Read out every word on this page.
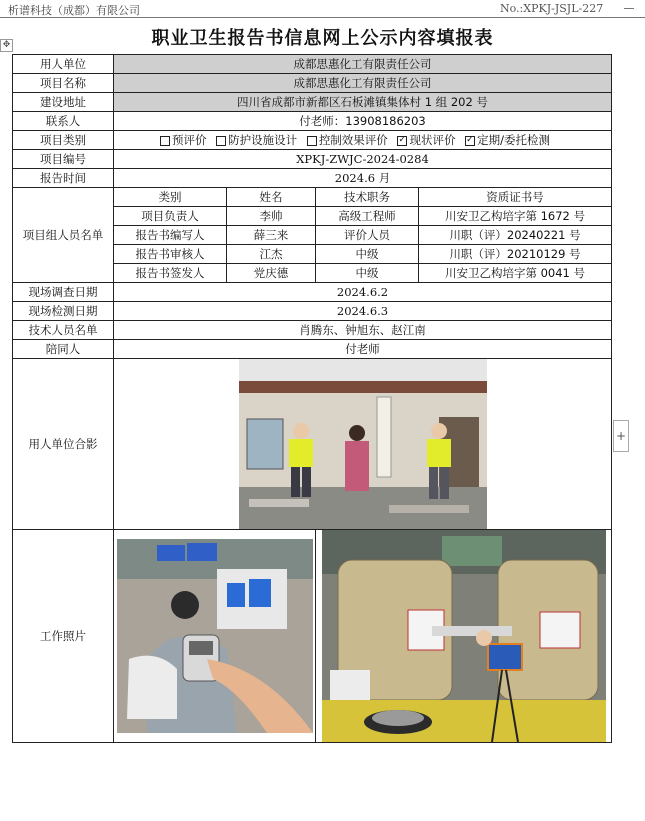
析谱科技（成都）有限公司	No.:XPKJ-JSJL-227
✥	职业卫生报告书信息网上公示内容填报表
+
用人单位	成都思惠化工有限责任公司			
项目名称	成都思惠化工有限责任公司			
建设地址	四川省成都市新都区石板滩镇集体村 1 组 202 号			
联系人	付老师：13908186203			
项目类别	预评价 防护设施设计 控制效果评价 ✓ 现状评价 ✓ 定期/委托检测
项目编号	XPKJ-ZWJC-2024-0284			
报告时间	2024.6 月			
项目组人员名单	类别	姓名	技术职务	资质证书号
	项目负责人	李帅	高级工程师	川安卫乙构培字第 1672 号
	报告书编写人	薛三来	评价人员	川职（评）20240221 号
	报告书审核人	江杰	中级	川职（评）20210129 号
	报告书签发人	党庆德	中级	川安卫乙构培字第 0041 号
现场调查日期	2024.6.2			
现场检测日期	2024.6.3			
技术人员名单	肖腾东、钟旭东、赵江南			
陪同人	付老师			
用人单位合影	

工作照片	
